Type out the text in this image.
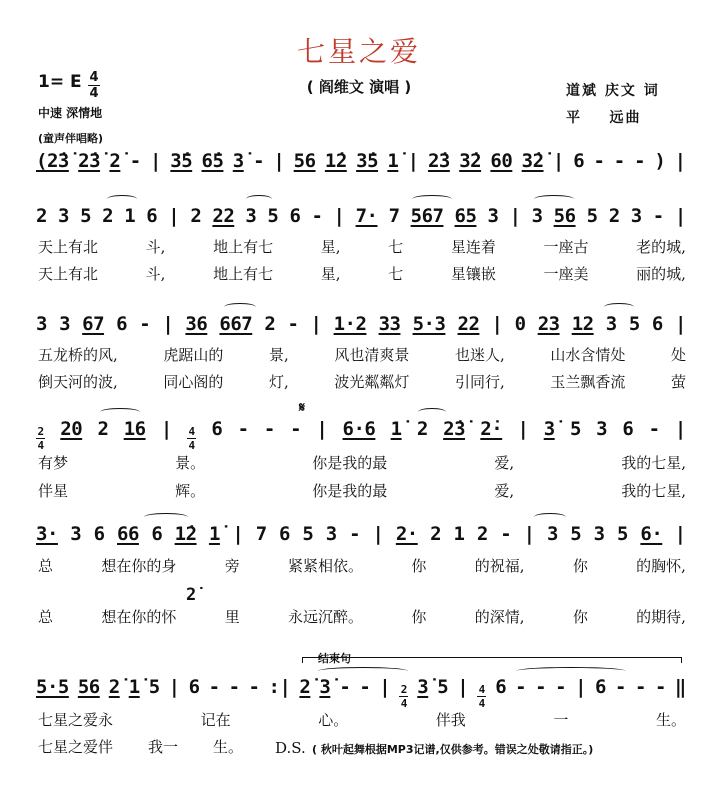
七星之爱
( 阎维文 演唱 )
1= E 4
4
中速 深情地
道斌 庆文 词
平    远曲
(童声伴唱略)
(2̇3̇ 2̇3̇ 2̇ - | 3̇5 6̇5 3̇ - | 56 1̇2 3̇5 1̇ | 2̇3 3̇2 60 3̇2̇ | 6 - - - ) |
2 3 5 2 1 6 | 2 22 3 5 6 - | 7· 7 567 65 3 | 3 56 5 2 3 - |
天上有北	斗,	地上有七	星,	七	星连着	一座古	老的城,
天上有北	斗,	地上有七	星,	七	星镶嵌	一座美	丽的城,
3 3 67 6 - | 36 667 2 - | 1·2 33 5·3 22 | 0 23 12 3 5 6 |
五龙桥的风,	虎踞山的	景,	风也清爽景	也迷人,	山水含情处	处
倒天河的波,	同心阁的	灯,	波光粼粼灯	引同行,	玉兰飘香流	萤
2
4
20 2 16 | 4
4
6 - - - | 6·6 1̇ 2 2̇3̇ 2̇· | 3̇ 5 3 6 - |
有梦	景。	你是我的最	爱,	我的七星,
伴星	辉。	你是我的最	爱,	我的七星,
3· 3 6 66 6 1̇2 1̇ | 7 6 5 3 - | 2· 2 1 2 - | 3 5 3 5 6· |
总	想在你的身	旁	紧紧相依。	你	的祝福,	你	的胸怀,
总	想在你的怀	里	永远沉醉。	你	的深情,	你	的期待,
5·5 56 2̇ 1̇ 5 | 6 - - - :| 2̇ 3̇ - - | 2
4
3̇ 5 | 4
4
6 - - - | 6 - - - ‖
七星之爱永	记在	心。	伴我	一	生。
七星之爱伴 我一 生。
𝄋
2̇
结束句
D.S. ( 秋叶起舞根据MP3记谱,仅供参考。错误之处敬请指正。)
